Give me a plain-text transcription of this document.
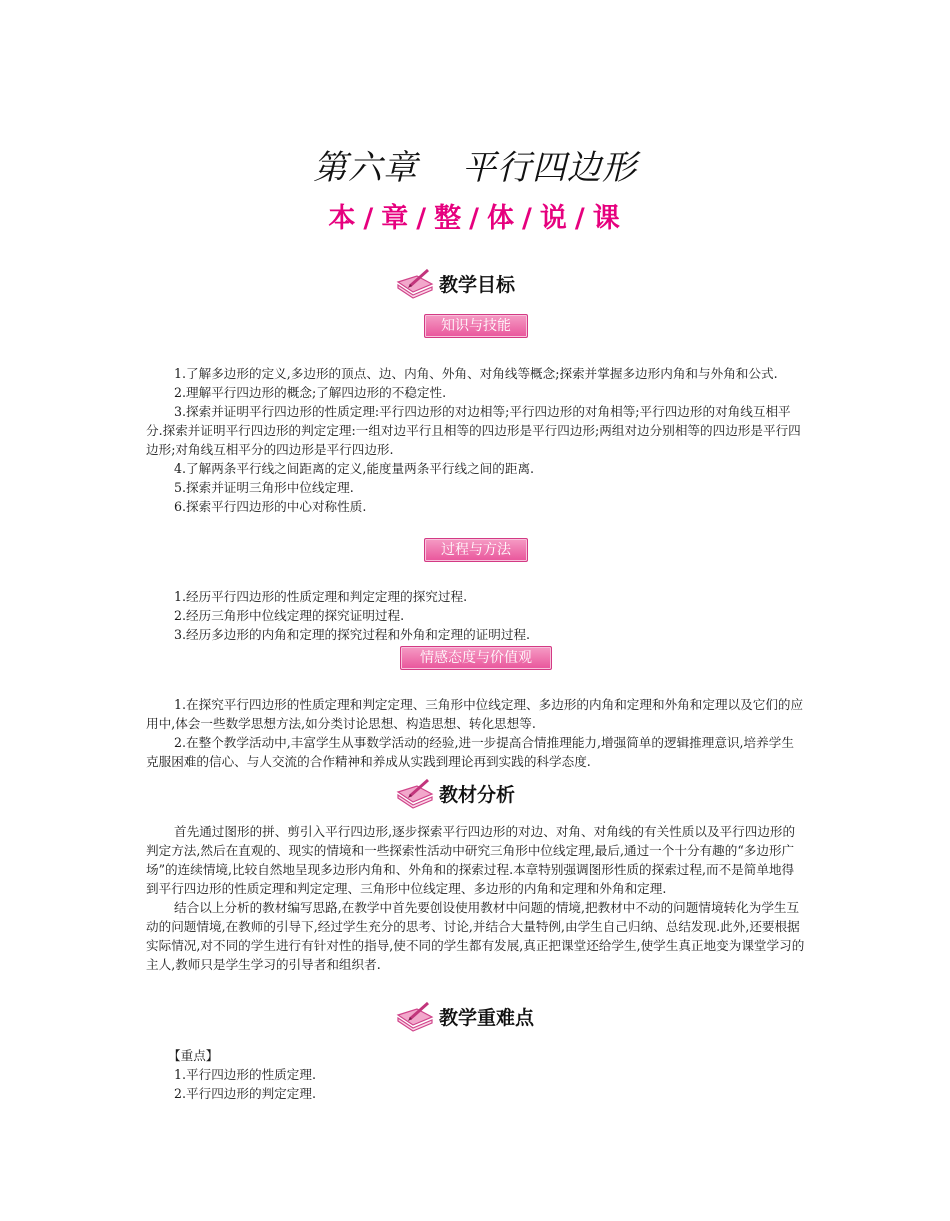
第六章 平行四边形
本 / 章 / 整 / 体 / 说 / 课
教学目标
知识与技能

1.了解多边形的定义,多边形的顶点、边、内角、外角、对角线等概念;探索并掌握多边形内角和与外角和公式.

2.理解平行四边形的概念;了解四边形的不稳定性.

3.探索并证明平行四边形的性质定理:平行四边形的对边相等;平行四边形的对角相等;平行四边形的对角线互相平分.探索并证明平行四边形的判定定理:一组对边平行且相等的四边形是平行四边形;两组对边分别相等的四边形是平行四边形;对角线互相平分的四边形是平行四边形.

4.了解两条平行线之间距离的定义,能度量两条平行线之间的距离.

5.探索并证明三角形中位线定理.

6.探索平行四边形的中心对称性质.

过程与方法

1.经历平行四边形的性质定理和判定定理的探究过程.

2.经历三角形中位线定理的探究证明过程.

3.经历多边形的内角和定理的探究过程和外角和定理的证明过程.

情感态度与价值观

1.在探究平行四边形的性质定理和判定定理、三角形中位线定理、多边形的内角和定理和外角和定理以及它们的应用中,体会一些数学思想方法,如分类讨论思想、构造思想、转化思想等.

2.在整个教学活动中,丰富学生从事数学活动的经验,进一步提高合情推理能力,增强简单的逻辑推理意识,培养学生克服困难的信心、与人交流的合作精神和养成从实践到理论再到实践的科学态度.

教材分析

首先通过图形的拼、剪引入平行四边形,逐步探索平行四边形的对边、对角、对角线的有关性质以及平行四边形的判定方法,然后在直观的、现实的情境和一些探索性活动中研究三角形中位线定理,最后,通过一个十分有趣的“多边形广场”的连续情境,比较自然地呈现多边形内角和、外角和的探索过程.本章特别强调图形性质的探索过程,而不是简单地得到平行四边形的性质定理和判定定理、三角形中位线定理、多边形的内角和定理和外角和定理.

结合以上分析的教材编写思路,在教学中首先要创设使用教材中问题的情境,把教材中不动的问题情境转化为学生互动的问题情境,在教师的引导下,经过学生充分的思考、讨论,并结合大量特例,由学生自己归纳、总结发现.此外,还要根据实际情况,对不同的学生进行有针对性的指导,使不同的学生都有发展,真正把课堂还给学生,使学生真正地变为课堂学习的主人,教师只是学生学习的引导者和组织者.

教学重难点

【重点】

1.平行四边形的性质定理.

2.平行四边形的判定定理.
